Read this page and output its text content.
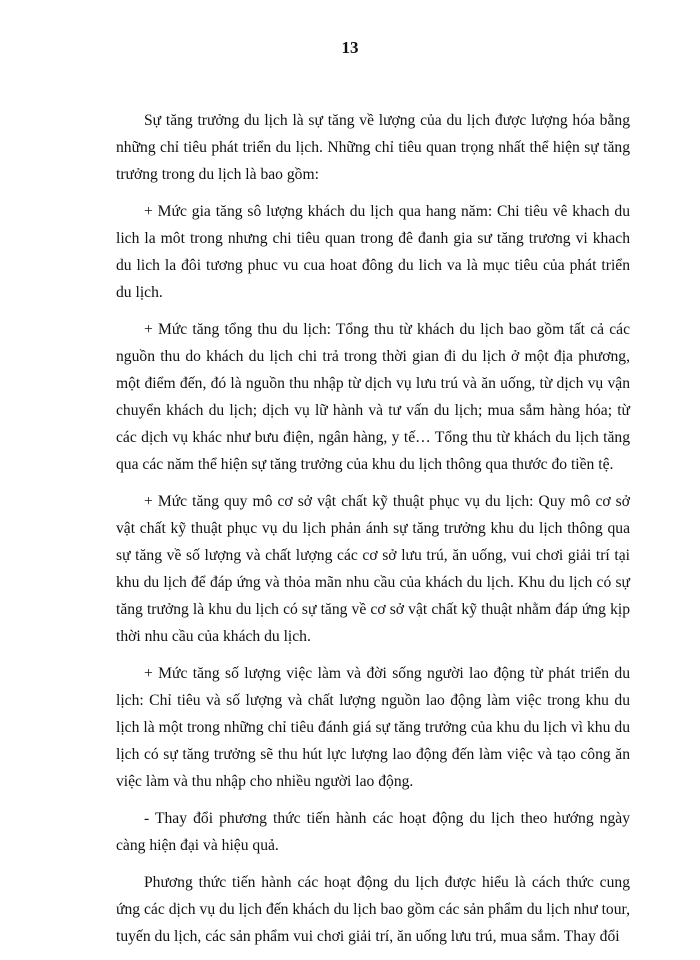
13

Sự tăng trưởng du lịch là sự tăng về lượng của du lịch được lượng hóa bằng những chỉ tiêu phát triển du lịch. Những chỉ tiêu quan trọng nhất thể hiện sự tăng trưởng trong du lịch là bao gồm:

+ Mức gia tăng sô lượng khách du lịch qua hang năm: Chi tiêu vê khach du lich la môt trong nhưng chi tiêu quan trong đê đanh gia sư tăng trương vi khach du lich la đôi tương phuc vu cua hoat đông du lich va là mục tiêu của phát triển du lịch.

+ Mức tăng tổng thu du lịch: Tổng thu từ khách du lịch bao gồm tất cả các nguồn thu do khách du lịch chi trả trong thời gian đi du lịch ở một địa phương, một điểm đến, đó là nguồn thu nhập từ dịch vụ lưu trú và ăn uống, từ dịch vụ vận chuyển khách du lịch; dịch vụ lữ hành và tư vấn du lịch; mua sắm hàng hóa; từ các dịch vụ khác như bưu điện, ngân hàng, y tế… Tổng thu từ khách du lịch tăng qua các năm thể hiện sự tăng trưởng của khu du lịch thông qua thước đo tiền tệ.

+ Mức tăng quy mô cơ sở vật chất kỹ thuật phục vụ du lịch: Quy mô cơ sở vật chất kỹ thuật phục vụ du lịch phản ánh sự tăng trưởng khu du lịch thông qua sự tăng về số lượng và chất lượng các cơ sở lưu trú, ăn uống, vui chơi giải trí tại khu du lịch để đáp ứng và thỏa mãn nhu cầu của khách du lịch. Khu du lịch có sự tăng trưởng là khu du lịch có sự tăng về cơ sở vật chất kỹ thuật nhằm đáp ứng kịp thời nhu cầu của khách du lịch.

+ Mức tăng số lượng việc làm và đời sống người lao động từ phát triển du lịch: Chỉ tiêu và số lượng và chất lượng nguồn lao động làm việc trong khu du lịch là một trong những chỉ tiêu đánh giá sự tăng trưởng của khu du lịch vì khu du lịch có sự tăng trưởng sẽ thu hút lực lượng lao động đến làm việc và tạo công ăn việc làm và thu nhập cho nhiều người lao động.

- Thay đổi phương thức tiến hành các hoạt động du lịch theo hướng ngày càng hiện đại và hiệu quả.

Phương thức tiến hành các hoạt động du lịch được hiểu là cách thức cung ứng các dịch vụ du lịch đến khách du lịch bao gồm các sản phẩm du lịch như tour, tuyến du lịch, các sản phẩm vui chơi giải trí, ăn uống lưu trú, mua sắm. Thay đổi
